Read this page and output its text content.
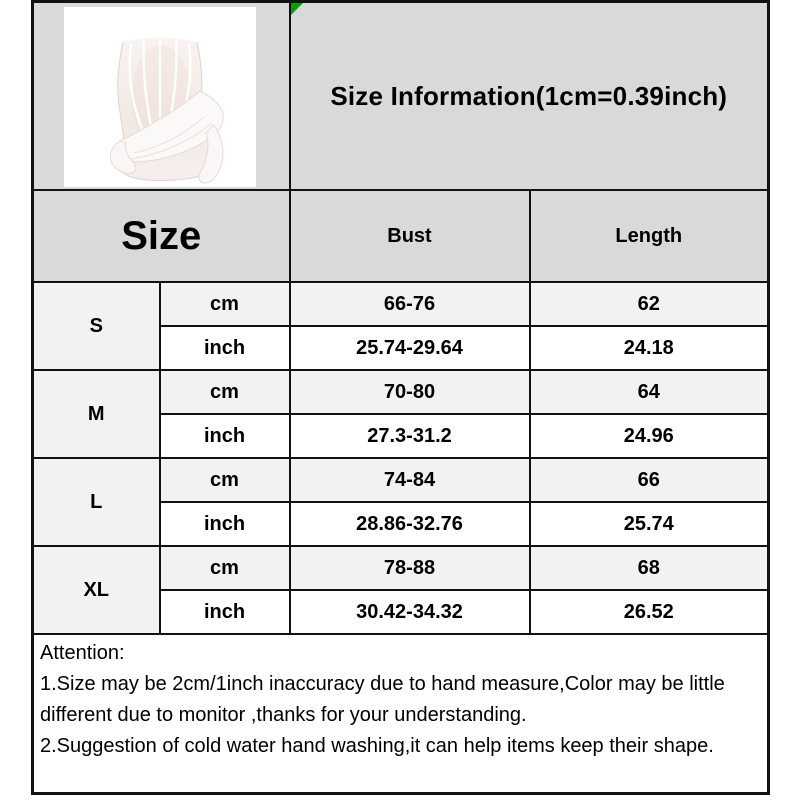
Size Information(1cm=0.39inch)	
Size		Bust	Length
S	cm	66-76	62
	inch	25.74-29.64	24.18
M	cm	70-80	64
	inch	27.3-31.2	24.96
L	cm	74-84	66
	inch	28.86-32.76	25.74
XL	cm	78-88	68
	inch	30.42-34.32	26.52

Attention:
1.Size may be 2cm/1inch inaccuracy due to hand measure,Color may be little
different due to monitor ,thanks for your understanding.
2.Suggestion of cold water hand washing,it can help items keep their shape.			
